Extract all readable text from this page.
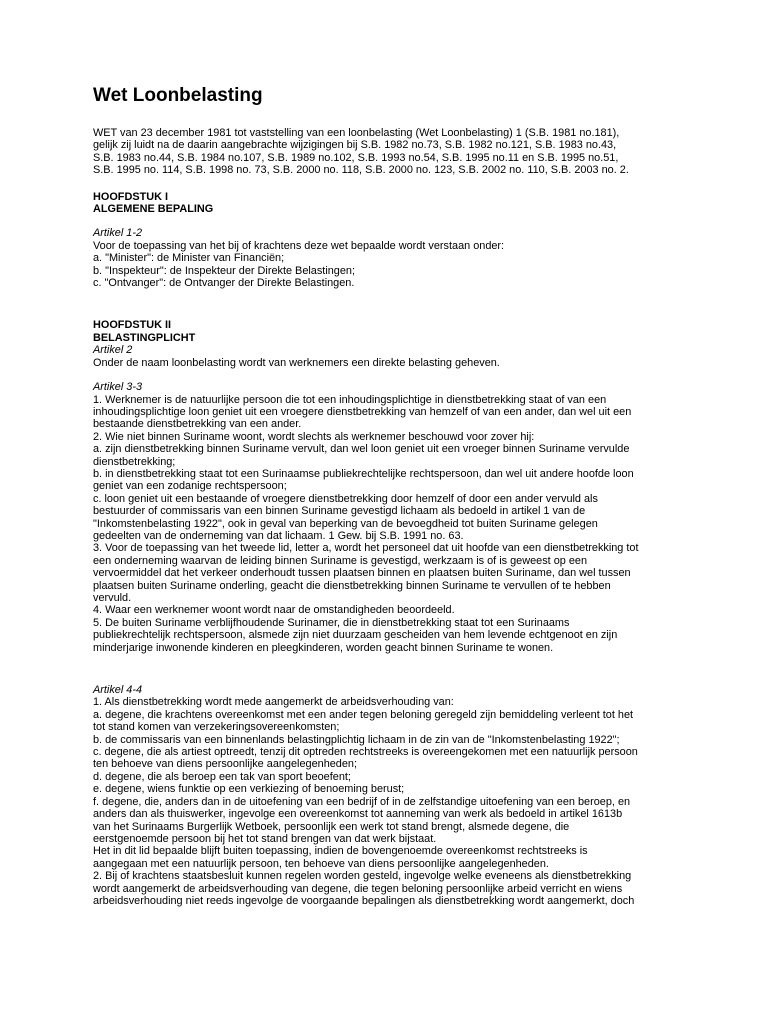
Wet Loonbelasting

WET van 23 december 1981 tot vaststelling van een loonbelasting (Wet Loonbelasting) 1 (S.B. 1981 no.181),

gelijk zij luidt na de daarin aangebrachte wijzigingen bij S.B. 1982 no.73, S.B. 1982 no.121, S.B. 1983 no.43,

S.B. 1983 no.44, S.B. 1984 no.107, S.B. 1989 no.102, S.B. 1993 no.54, S.B. 1995 no.11 en S.B. 1995 no.51,

S.B. 1995 no. 114, S.B. 1998 no. 73, S.B. 2000 no. 118, S.B. 2000 no. 123, S.B. 2002 no. 110, S.B. 2003 no. 2.

HOOFDSTUK I

ALGEMENE BEPALING

Artikel 1-2

Voor de toepassing van het bij of krachtens deze wet bepaalde wordt verstaan onder:

a. "Minister": de Minister van Financiën;

b. "Inspekteur": de Inspekteur der Direkte Belastingen;

c. "Ontvanger": de Ontvanger der Direkte Belastingen.

HOOFDSTUK II

BELASTINGPLICHT

Artikel 2

Onder de naam loonbelasting wordt van werknemers een direkte belasting geheven.

Artikel 3-3

1. Werknemer is de natuurlijke persoon die tot een inhoudingsplichtige in dienstbetrekking staat of van een

inhoudingsplichtige loon geniet uit een vroegere dienstbetrekking van hemzelf of van een ander, dan wel uit een

bestaande dienstbetrekking van een ander.

2. Wie niet binnen Suriname woont, wordt slechts als werknemer beschouwd voor zover hij:

a. zijn dienstbetrekking binnen Suriname vervult, dan wel loon geniet uit een vroeger binnen Suriname vervulde

dienstbetrekking;

b. in dienstbetrekking staat tot een Surinaamse publiekrechtelijke rechtspersoon, dan wel uit andere hoofde loon

geniet van een zodanige rechtspersoon;

c. loon geniet uit een bestaande of vroegere dienstbetrekking door hemzelf of door een ander vervuld als

bestuurder of commissaris van een binnen Suriname gevestigd lichaam als bedoeld in artikel 1 van de

"Inkomstenbelasting 1922", ook in geval van beperking van de bevoegdheid tot buiten Suriname gelegen

gedeelten van de onderneming van dat lichaam. 1 Gew. bij S.B. 1991 no. 63.

3. Voor de toepassing van het tweede lid, letter a, wordt het personeel dat uit hoofde van een dienstbetrekking tot

een onderneming waarvan de leiding binnen Suriname is gevestigd, werkzaam is of is geweest op een

vervoermiddel dat het verkeer onderhoudt tussen plaatsen binnen en plaatsen buiten Suriname, dan wel tussen

plaatsen buiten Suriname onderling, geacht die dienstbetrekking binnen Suriname te vervullen of te hebben

vervuld.

4. Waar een werknemer woont wordt naar de omstandigheden beoordeeld.

5. De buiten Suriname verblijfhoudende Surinamer, die in dienstbetrekking staat tot een Surinaams

publiekrechtelijk rechtspersoon, alsmede zijn niet duurzaam gescheiden van hem levende echtgenoot en zijn

minderjarige inwonende kinderen en pleegkinderen, worden geacht binnen Suriname te wonen.

Artikel 4-4

1. Als dienstbetrekking wordt mede aangemerkt de arbeidsverhouding van:

a. degene, die krachtens overeenkomst met een ander tegen beloning geregeld zijn bemiddeling verleent tot het

tot stand komen van verzekeringsovereenkomsten;

b. de commissaris van een binnenlands belastingplichtig lichaam in de zin van de "Inkomstenbelasting 1922";

c. degene, die als artiest optreedt, tenzij dit optreden rechtstreeks is overeengekomen met een natuurlijk persoon

ten behoeve van diens persoonlijke aangelegenheden;

d. degene, die als beroep een tak van sport beoefent;

e. degene, wiens funktie op een verkiezing of benoeming berust;

f. degene, die, anders dan in de uitoefening van een bedrijf of in de zelfstandige uitoefening van een beroep, en

anders dan als thuiswerker, ingevolge een overeenkomst tot aanneming van werk als bedoeld in artikel 1613b

van het Surinaams Burgerlijk Wetboek, persoonlijk een werk tot stand brengt, alsmede degene, die

eerstgenoemde persoon bij het tot stand brengen van dat werk bijstaat.

Het in dit lid bepaalde blijft buiten toepassing, indien de bovengenoemde overeenkomst rechtstreeks is

aangegaan met een natuurlijk persoon, ten behoeve van diens persoonlijke aangelegenheden.

2. Bij of krachtens staatsbesluit kunnen regelen worden gesteld, ingevolge welke eveneens als dienstbetrekking

wordt aangemerkt de arbeidsverhouding van degene, die tegen beloning persoonlijke arbeid verricht en wiens

arbeidsverhouding niet reeds ingevolge de voorgaande bepalingen als dienstbetrekking wordt aangemerkt, doch
